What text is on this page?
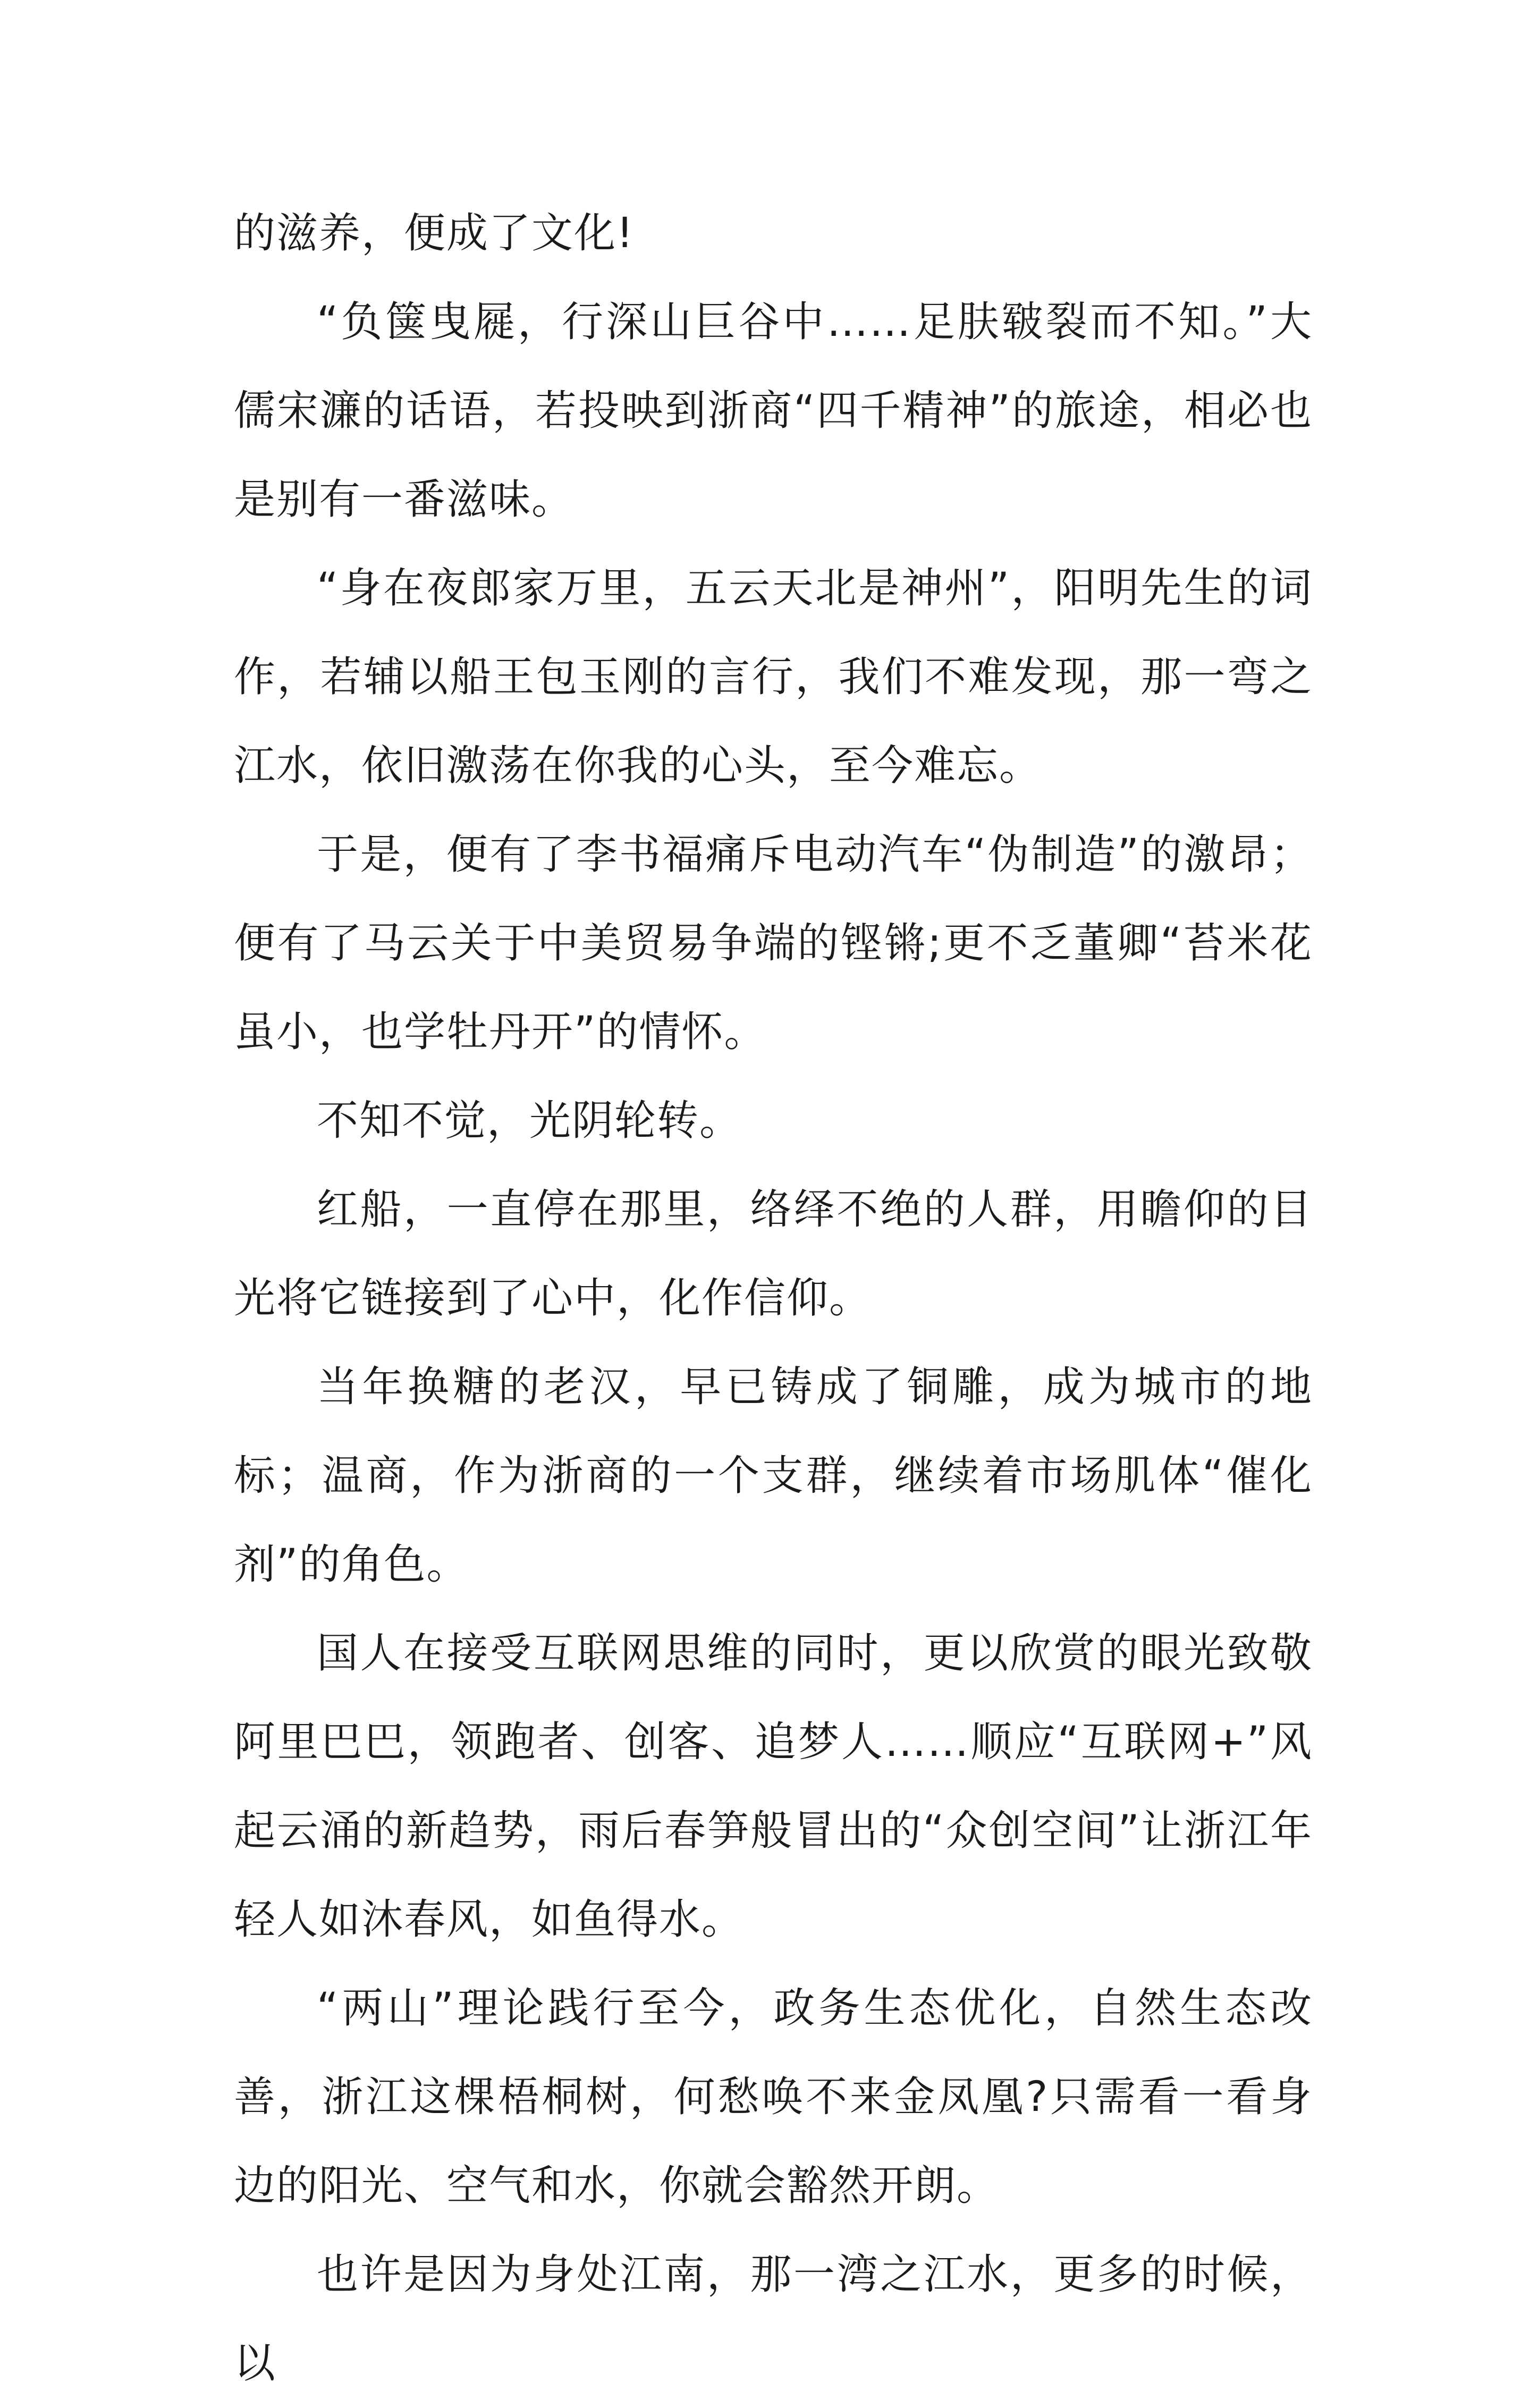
的滋养，便成了文化!

“负箧曳屣，行深山巨谷中……足肤皲裂而不知。”大儒宋濂的话语，若投映到浙商“四千精神”的旅途，相必也是别有一番滋味。

“身在夜郎家万里，五云天北是神州”，阳明先生的词作，若辅以船王包玉刚的言行，我们不难发现，那一弯之江水，依旧激荡在你我的心头，至今难忘。

于是，便有了李书福痛斥电动汽车“伪制造”的激昂；便有了马云关于中美贸易争端的铿锵;更不乏董卿“苔米花虽小，也学牡丹开”的情怀。

不知不觉，光阴轮转。

红船，一直停在那里，络绎不绝的人群，用瞻仰的目光将它链接到了心中，化作信仰。

当年换糖的老汉，早已铸成了铜雕，成为城市的地标；温商，作为浙商的一个支群，继续着市场肌体“催化剂”的角色。

国人在接受互联网思维的同时，更以欣赏的眼光致敬阿里巴巴，领跑者、创客、追梦人……顺应“互联网+”风起云涌的新趋势，雨后春笋般冒出的“众创空间”让浙江年轻人如沐春风，如鱼得水。

“两山”理论践行至今，政务生态优化，自然生态改善，浙江这棵梧桐树，何愁唤不来金凤凰?只需看一看身边的阳光、空气和水，你就会豁然开朗。

也许是因为身处江南，那一湾之江水，更多的时候，以
